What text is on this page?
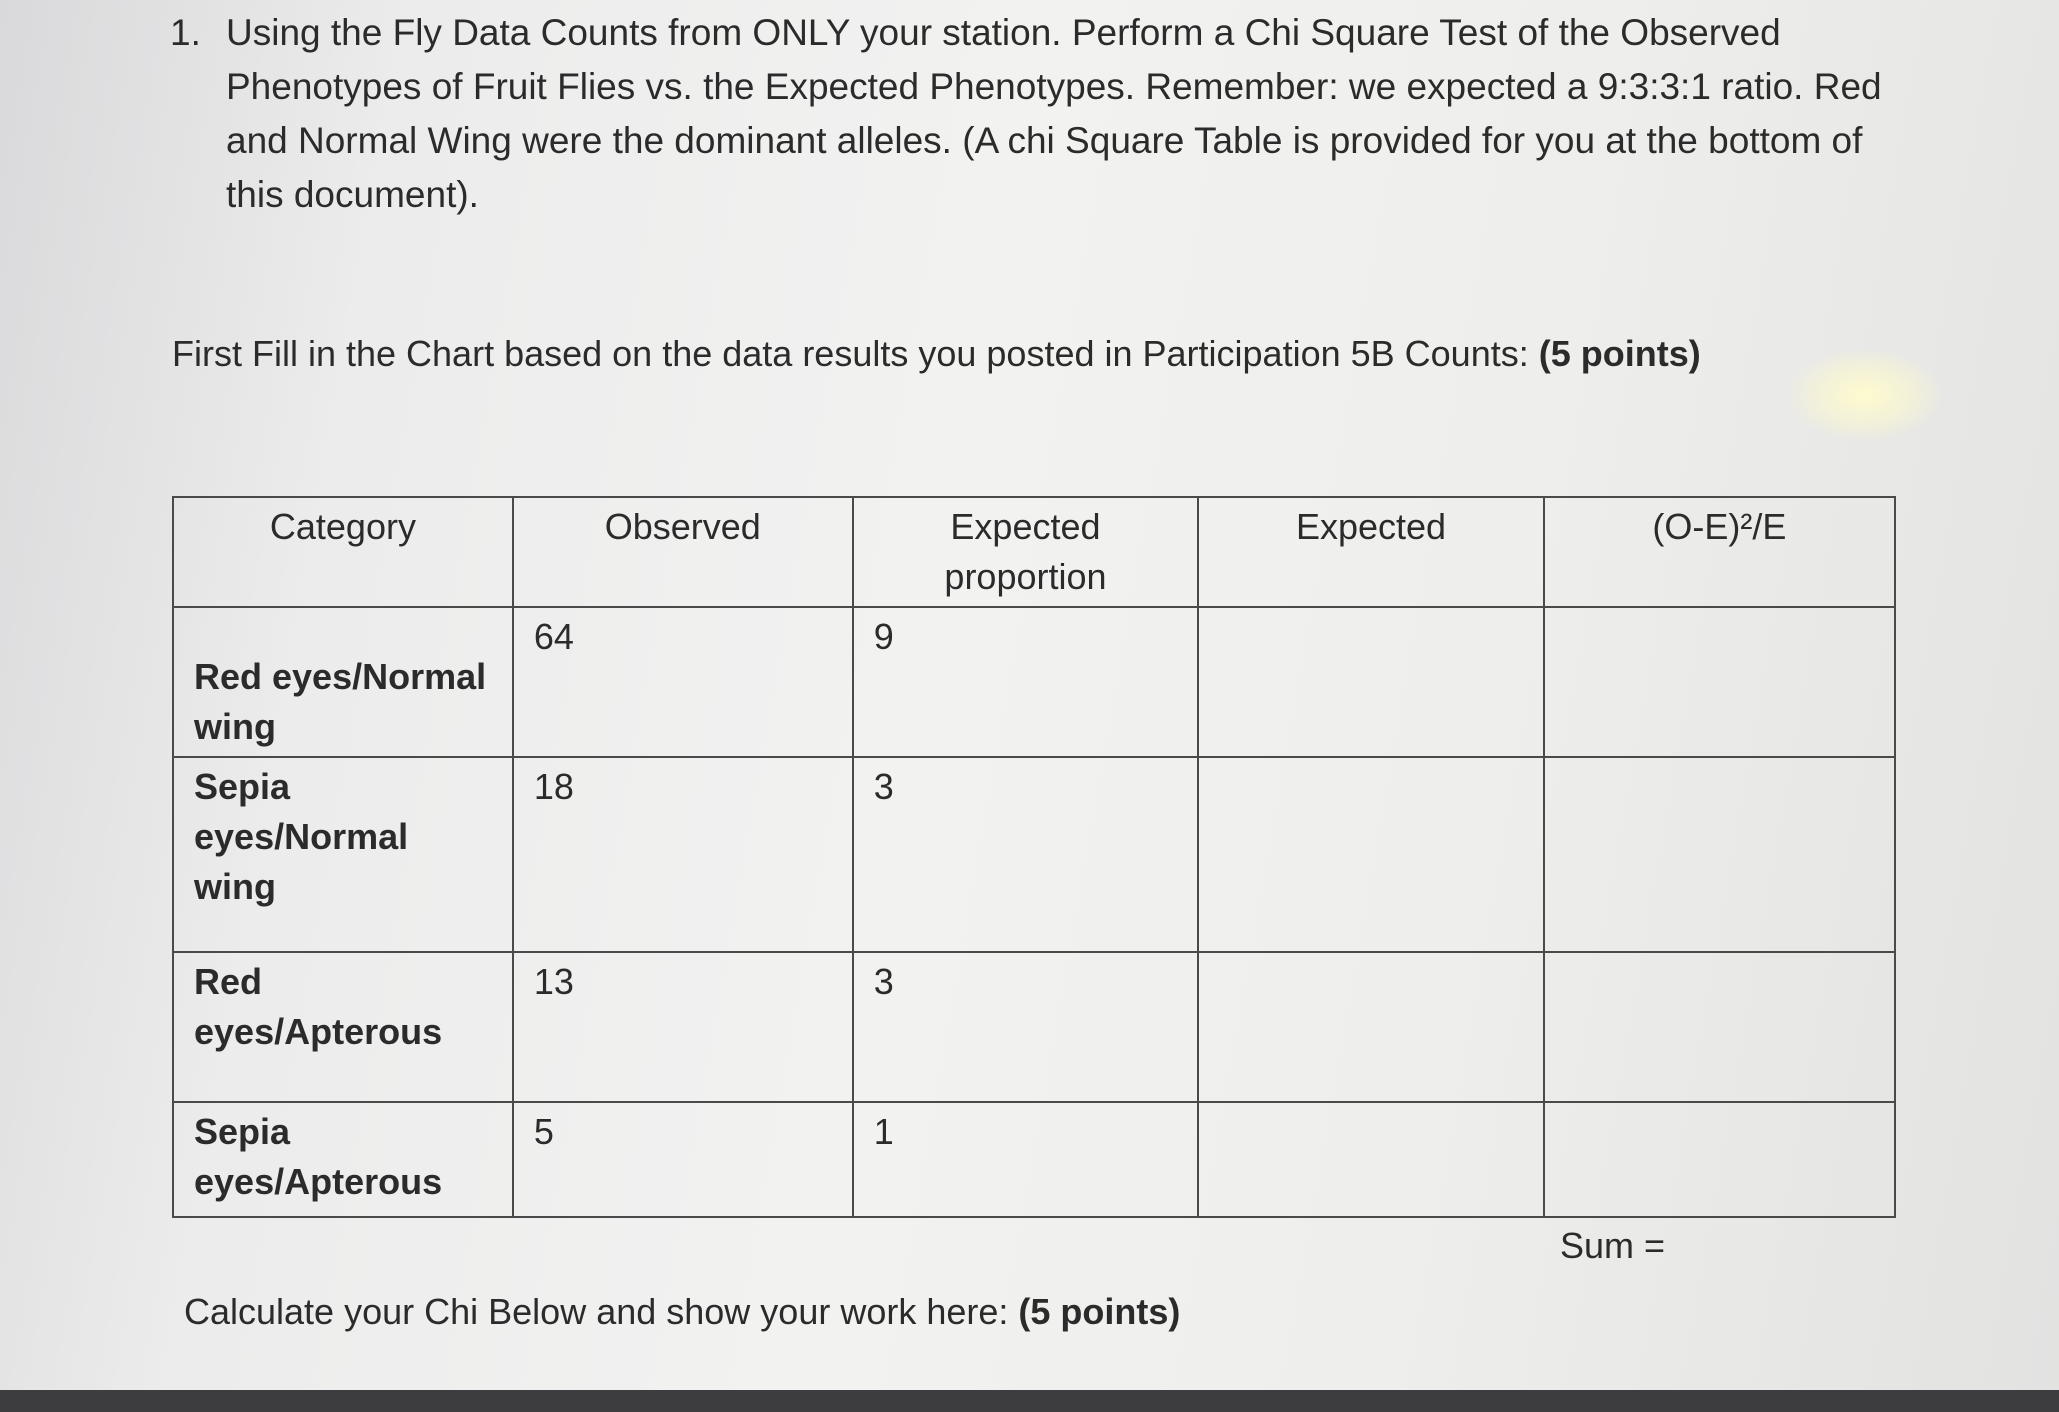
1. Using the Fly Data Counts from ONLY your station. Perform a Chi Square Test of the Observed Phenotypes of Fruit Flies vs. the Expected Phenotypes. Remember: we expected a 9:3:3:1 ratio. Red and Normal Wing were the dominant alleles. (A chi Square Table is provided for you at the bottom of this document).
First Fill in the Chart based on the data results you posted in Participation 5B Counts: (5 points)
Category	Observed	Expected proportion	Expected	(O-E)²/E
Red eyes/Normal wing	64	9		
Sepia eyes/Normal wing	18	3		
Red eyes/Apterous	13	3		
Sepia eyes/Apterous	5	1		
Sum =
Calculate your Chi Below and show your work here: (5 points)
